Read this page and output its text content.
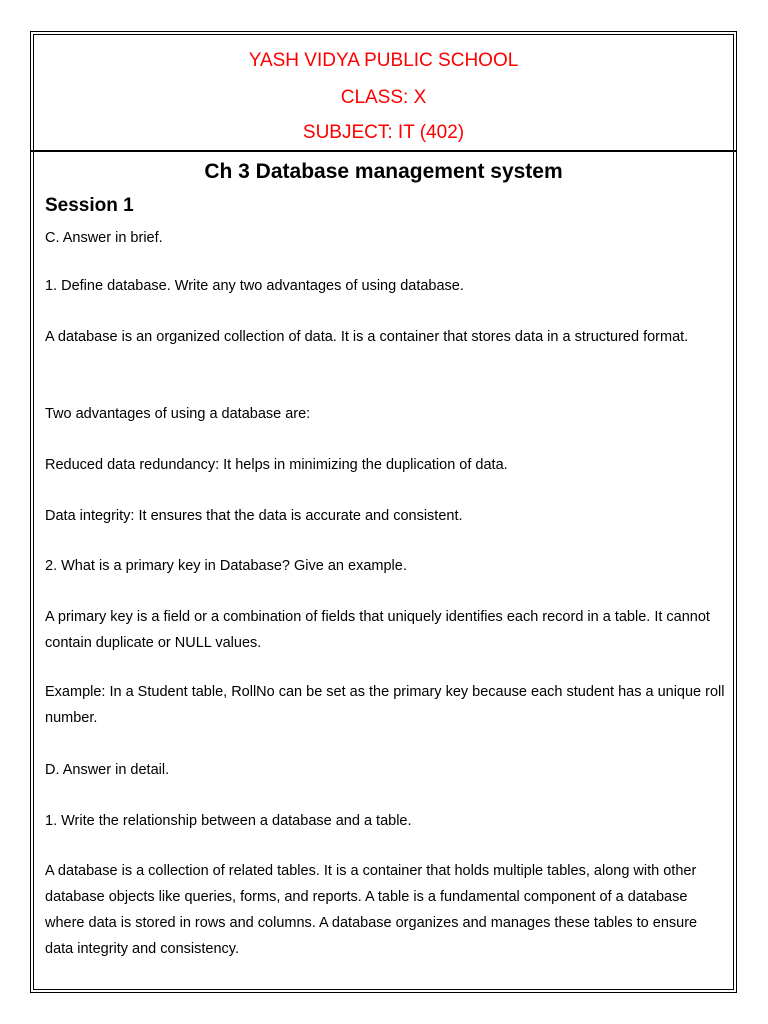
YASH VIDYA PUBLIC SCHOOL
CLASS: X
SUBJECT: IT (402)
Ch 3 Database management system
Session 1
C. Answer in brief.
1. Define database. Write any two advantages of using database.
A database is an organized collection of data. It is a container that stores data in a structured format.
Two advantages of using a database are:
Reduced data redundancy: It helps in minimizing the duplication of data.
Data integrity: It ensures that the data is accurate and consistent.
2. What is a primary key in Database? Give an example.
A primary key is a field or a combination of fields that uniquely identifies each record in a table. It cannot contain duplicate or NULL values.
Example: In a Student table, RollNo can be set as the primary key because each student has a unique roll number.
D. Answer in detail.
1. Write the relationship between a database and a table.
A database is a collection of related tables. It is a container that holds multiple tables, along with other database objects like queries, forms, and reports. A table is a fundamental component of a database where data is stored in rows and columns. A database organizes and manages these tables to ensure data integrity and consistency.
